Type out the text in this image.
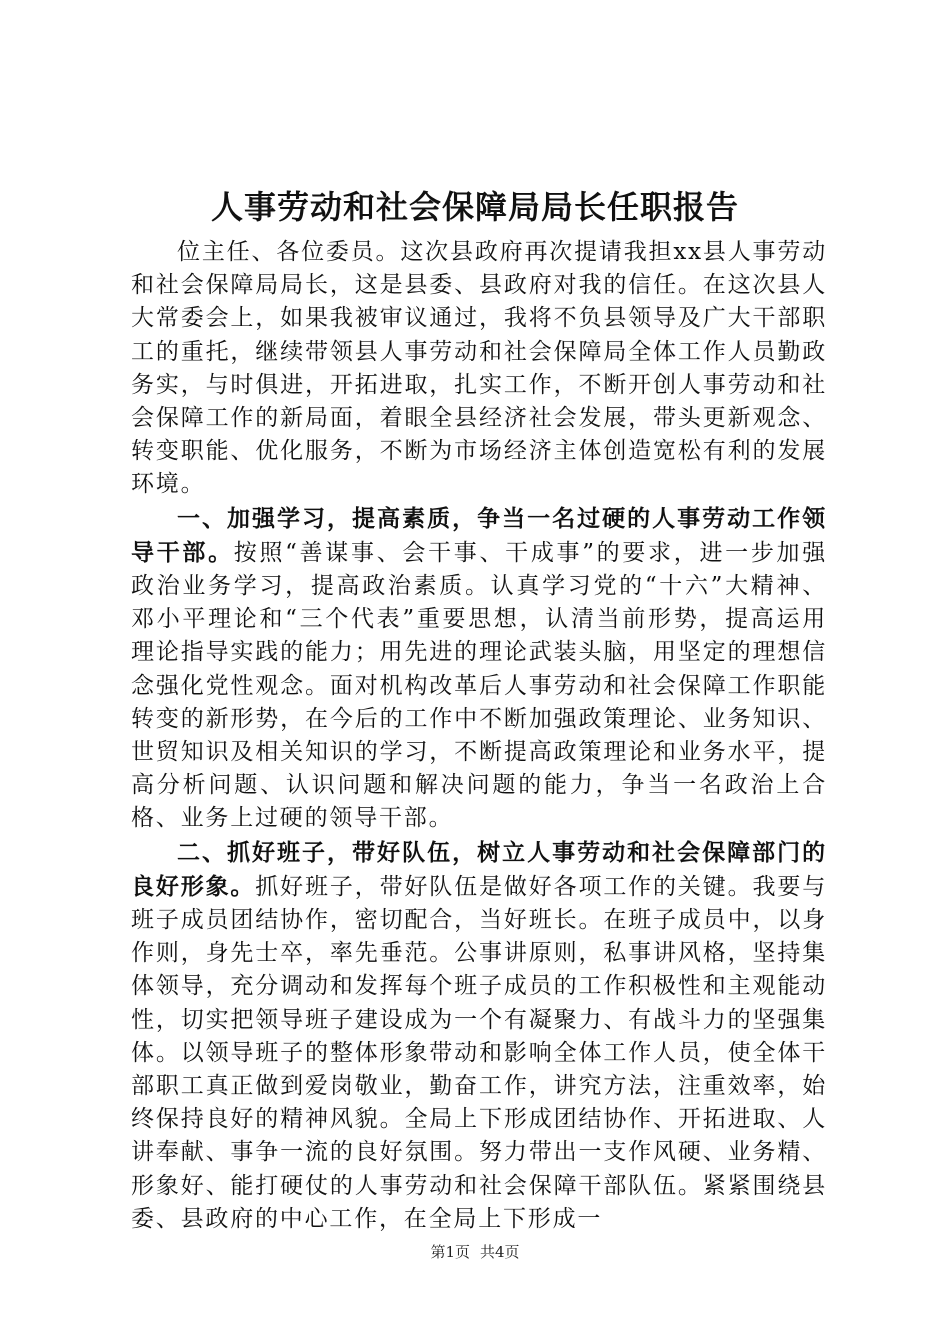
人事劳动和社会保障局局长任职报告

位主任、各位委员。这次县政府再次提请我担xx县人事劳动和社会保障局局长，这是县委、县政府对我的信任。在这次县人大常委会上，如果我被审议通过，我将不负县领导及广大干部职工的重托，继续带领县人事劳动和社会保障局全体工作人员勤政务实，与时俱进，开拓进取，扎实工作，不断开创人事劳动和社会保障工作的新局面，着眼全县经济社会发展，带头更新观念、转变职能、优化服务，不断为市场经济主体创造宽松有利的发展环境。

一、加强学习，提高素质，争当一名过硬的人事劳动工作领导干部。按照“善谋事、会干事、干成事”的要求，进一步加强政治业务学习，提高政治素质。认真学习党的“十六”大精神、邓小平理论和“三个代表”重要思想，认清当前形势，提高运用理论指导实践的能力；用先进的理论武装头脑，用坚定的理想信念强化党性观念。面对机构改革后人事劳动和社会保障工作职能转变的新形势，在今后的工作中不断加强政策理论、业务知识、世贸知识及相关知识的学习，不断提高政策理论和业务水平，提高分析问题、认识问题和解决问题的能力，争当一名政治上合格、业务上过硬的领导干部。

二、抓好班子，带好队伍，树立人事劳动和社会保障部门的良好形象。抓好班子，带好队伍是做好各项工作的关键。我要与班子成员团结协作，密切配合，当好班长。在班子成员中，以身作则，身先士卒，率先垂范。公事讲原则，私事讲风格，坚持集体领导，充分调动和发挥每个班子成员的工作积极性和主观能动性，切实把领导班子建设成为一个有凝聚力、有战斗力的坚强集体。以领导班子的整体形象带动和影响全体工作人员，使全体干部职工真正做到爱岗敬业，勤奋工作，讲究方法，注重效率，始终保持良好的精神风貌。全局上下形成团结协作、开拓进取、人讲奉献、事争一流的良好氛围。努力带出一支作风硬、业务精、形象好、能打硬仗的人事劳动和社会保障干部队伍。紧紧围绕县委、县政府的中心工作，在全局上下形成一

第1页 共4页
